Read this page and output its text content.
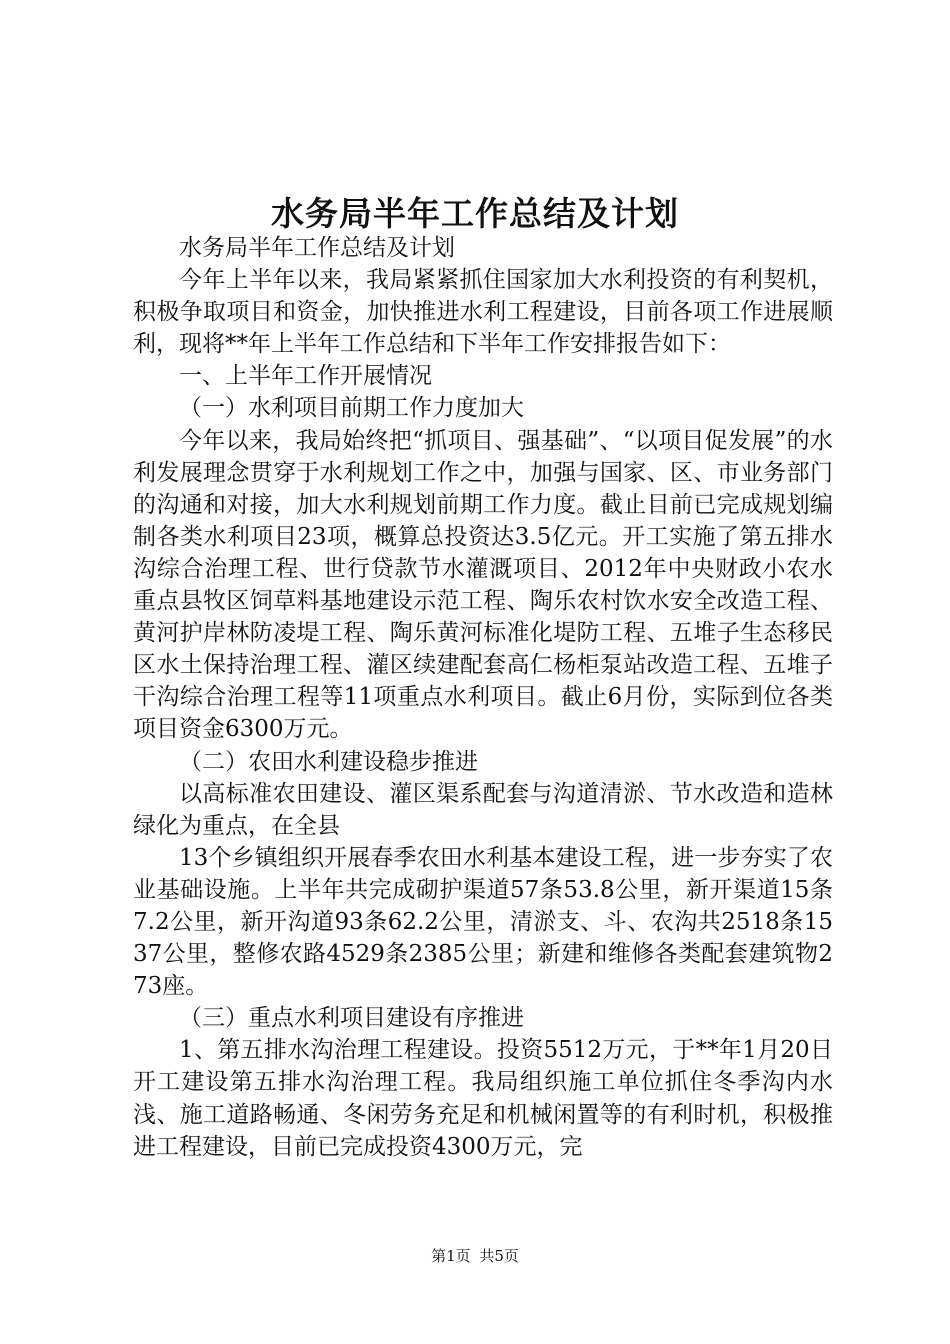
水务局半年工作总结及计划

水务局半年工作总结及计划

今年上半年以来，我局紧紧抓住国家加大水利投资的有利契机，积极争取项目和资金，加快推进水利工程建设，目前各项工作进展顺利，现将**年上半年工作总结和下半年工作安排报告如下：

一、上半年工作开展情况

（一）水利项目前期工作力度加大

今年以来，我局始终把“抓项目、强基础”、“以项目促发展”的水利发展理念贯穿于水利规划工作之中，加强与国家、区、市业务部门的沟通和对接，加大水利规划前期工作力度。截止目前已完成规划编制各类水利项目23项，概算总投资达3.5亿元。开工实施了第五排水沟综合治理工程、世行贷款节水灌溉项目、2012年中央财政小农水重点县牧区饲草料基地建设示范工程、陶乐农村饮水安全改造工程、黄河护岸林防凌堤工程、陶乐黄河标准化堤防工程、五堆子生态移民区水土保持治理工程、灌区续建配套高仁杨柜泵站改造工程、五堆子干沟综合治理工程等11项重点水利项目。截止6月份，实际到位各类项目资金6300万元。

（二）农田水利建设稳步推进

以高标准农田建设、灌区渠系配套与沟道清淤、节水改造和造林绿化为重点，在全县

13个乡镇组织开展春季农田水利基本建设工程，进一步夯实了农业基础设施。上半年共完成砌护渠道57条53.8公里，新开渠道15条7.2公里，新开沟道93条62.2公里，清淤支、斗、农沟共2518条1537公里，整修农路4529条2385公里；新建和维修各类配套建筑物273座。

（三）重点水利项目建设有序推进

1、第五排水沟治理工程建设。投资5512万元，于**年1月20日开工建设第五排水沟治理工程。我局组织施工单位抓住冬季沟内水浅、施工道路畅通、冬闲劳务充足和机械闲置等的有利时机，积极推进工程建设，目前已完成投资4300万元，完

第1页 共5页
